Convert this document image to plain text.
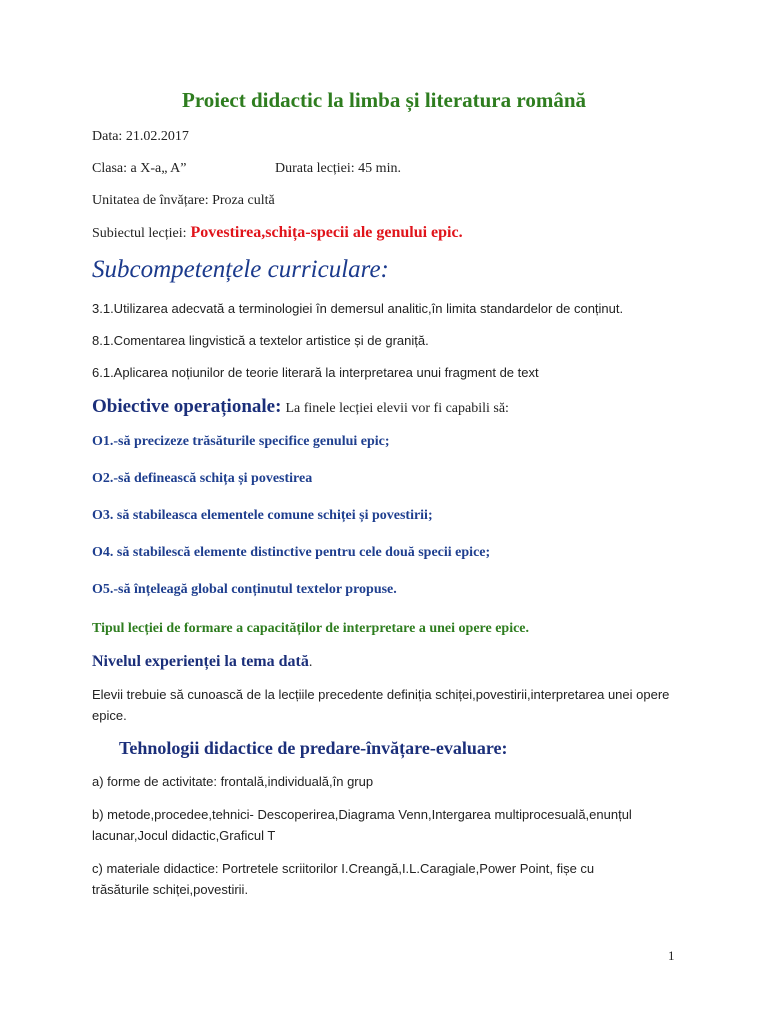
Proiect didactic la limba și literatura română
Data: 21.02.2017
Clasa: a X-a„ A”	Durata lecției: 45 min.
Unitatea de învățare: Proza cultă
Subiectul lecției: Povestirea,schița-specii ale genului epic.
Subcompetențele curriculare:
3.1.Utilizarea adecvată a terminologiei în demersul analitic,în limita standardelor de conținut.
8.1.Comentarea lingvistică a textelor artistice și de graniță.
6.1.Aplicarea noțiunilor de teorie literară la interpretarea unui fragment de text
Obiective operaționale: La finele lecției elevii vor fi capabili să:
O1.-să precizeze trăsăturile specifice genului epic;
O2.-să definească schița și povestirea
O3. să stabileasca elementele comune schiței și povestirii;
O4. să stabilescă elemente distinctive pentru cele două specii epice;
O5.-să înțeleagă global conținutul textelor propuse.
Tipul lecției de formare a capacităților de interpretare a unei opere epice.
Nivelul experienței la tema dată.
Elevii trebuie să cunoască de la lecțiile precedente definiția schiței,povestirii,interpretarea unei opere epice.
Tehnologii didactice de predare-învățare-evaluare:
a) forme de activitate: frontală,individuală,în grup
b) metode,procedee,tehnici- Descoperirea,Diagrama Venn,Intergarea multiprocesuală,enunțul lacunar,Jocul didactic,Graficul T
c) materiale didactice: Portretele scriitorilor I.Creangă,I.L.Caragiale,Power Point, fișe cu trăsăturile schiței,povestirii.
1
